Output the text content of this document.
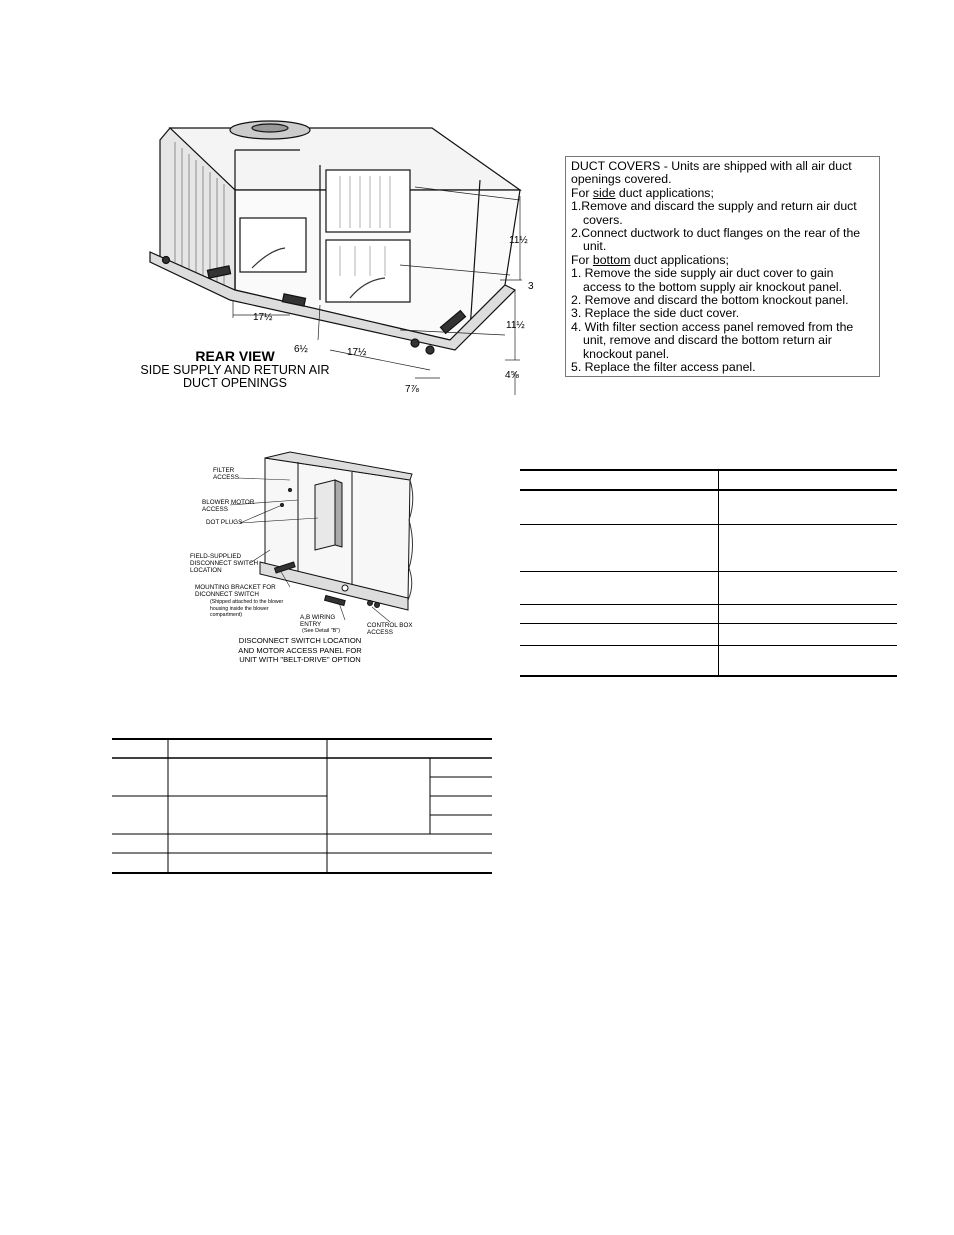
11½
3
11½
17½
6½	17½
4⅝
7⅞
REAR VIEW
SIDE SUPPLY AND RETURN AIR
DUCT OPENINGS

DUCT COVERS - Units are shipped with all air duct openings covered.

For side duct applications;

1.Remove and discard the supply and return air duct covers.

2.Connect ductwork to duct flanges on the rear of the unit.

For bottom duct applications;

1. Remove the side supply air duct cover to gain access to the bottom supply air knockout panel.

2. Remove and discard the bottom knockout panel.

3. Replace the side duct cover.

4. With filter section access panel removed from the unit, remove and discard the bottom return air knockout panel.

5. Replace the filter access panel.

FILTER ACCESS
BLOWER MOTOR ACCESS
DOT PLUGS
FIELD-SUPPLIED DISCONNECT SWITCH LOCATION
MOUNTING BRACKET FOR DICONNECT SWITCH
(Shipped attached to the blower housing inside the blower compartment)	A,B WIRING ENTRY
(See Detail "B")
CONTROL BOX ACCESS
DISCONNECT SWITCH LOCATION
AND MOTOR ACCESS PANEL FOR
UNIT WITH "BELT-DRIVE" OPTION
